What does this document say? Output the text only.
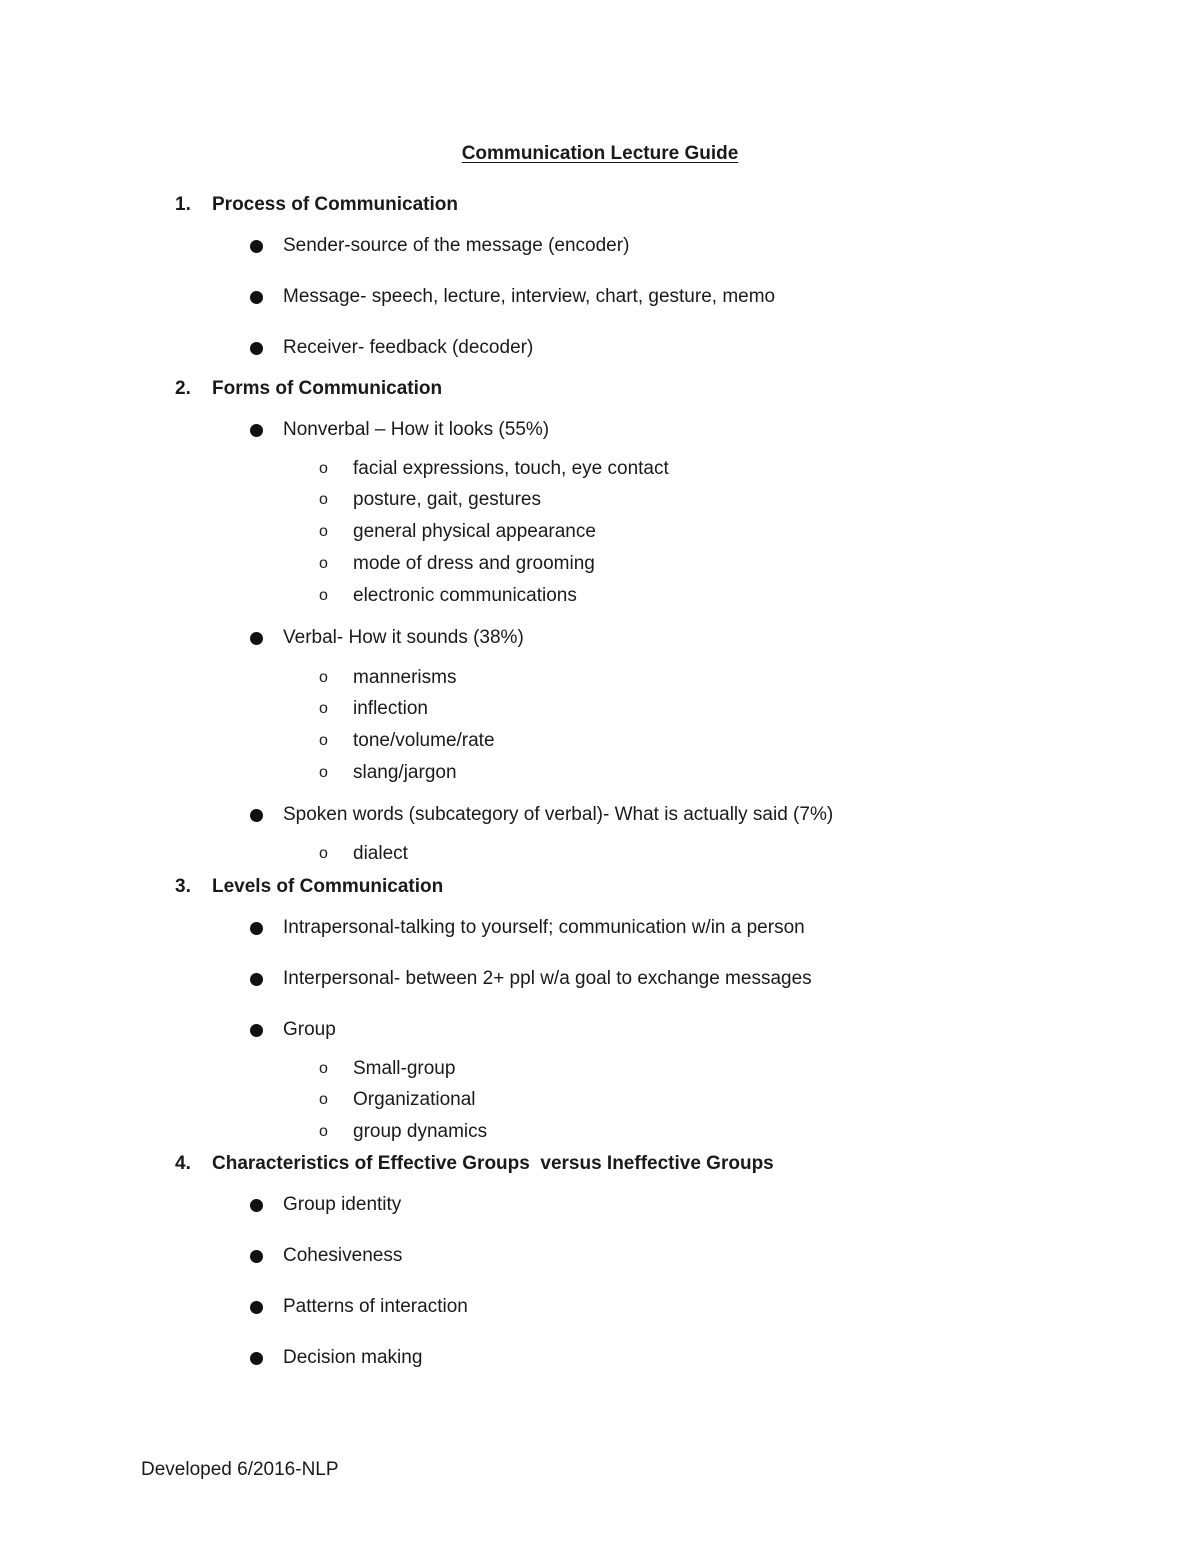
Communication Lecture Guide
1. Process of Communication
Sender-source of the message (encoder)
Message- speech, lecture, interview, chart, gesture, memo
Receiver- feedback (decoder)
2. Forms of Communication
Nonverbal – How it looks (55%)
o facial expressions, touch, eye contact
o posture, gait, gestures
o general physical appearance
o mode of dress and grooming
o electronic communications
Verbal- How it sounds (38%)
o mannerisms
o inflection
o tone/volume/rate
o slang/jargon
Spoken words (subcategory of verbal)- What is actually said (7%)
o dialect
3. Levels of Communication
Intrapersonal-talking to yourself; communication w/in a person
Interpersonal- between 2+ ppl w/a goal to exchange messages
Group
o Small-group
o Organizational
o group dynamics
4. Characteristics of Effective Groups  versus Ineffective Groups
Group identity
Cohesiveness
Patterns of interaction
Decision making
Developed 6/2016-NLP
